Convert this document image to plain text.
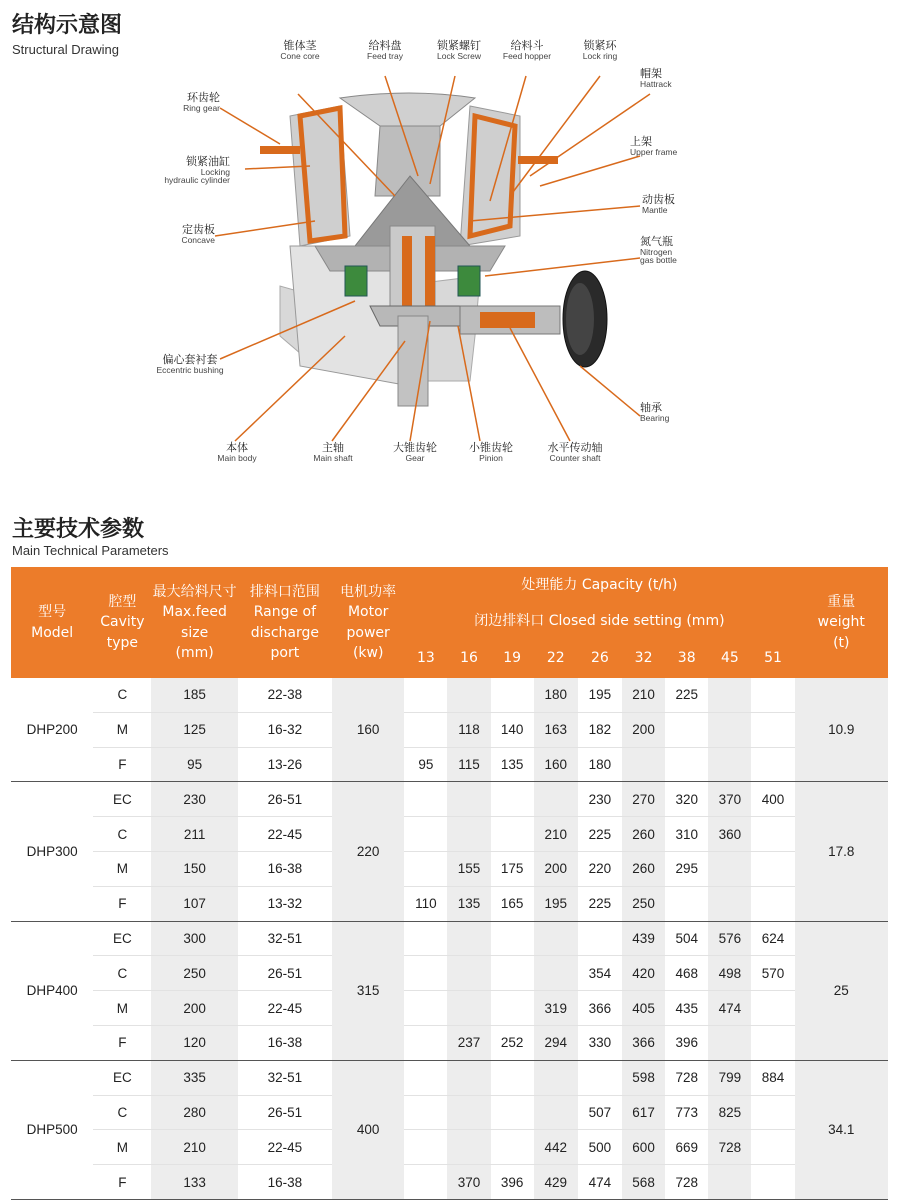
结构示意图
Structural Drawing	锥体茎
Cone core
给料盘
Feed tray
锁紧螺钉
Lock Screw
给料斗
Feed hopper
锁紧环
Lock ring
帽架
Hattrack
环齿轮
Ring gear
上架
Upper frame
锁紧油缸
Locking
hydraulic cylinder
动齿板
Mantle
定齿板
Concave	氮气瓶
Nitrogen
gas bottle
偏心套衬套
Eccentric bushing
轴承
Bearing
本体
Main body
主轴
Main shaft
大锥齿轮
Gear
小锥齿轮
Pinion
水平传动轴
Counter shaft
主要技术参数
Main Technical Parameters
型号
Model	腔型
Cavity
type	最大给料尺寸
Max.feed size
(mm)	排料口范围
Range of
discharge port	电机功率
Motor
power
(kw)	处理能力 Capacity (t/h)									重量
weight
(t)
					闭边排料口 Closed side setting (mm)									
					13	16	19	22	26	32	38	45	51	
DHP200	C	185	22-38	160				180	195	210	225			10.9
	M	125	16-32			118	140	163	182	200				
	F	95	13-26		95	115	135	160	180					
DHP300	EC	230	26-51	220					230	270	320	370	400	17.8
	C	211	22-45					210	225	260	310	360		
	M	150	16-38			155	175	200	220	260	295			
	F	107	13-32		110	135	165	195	225	250				
DHP400	EC	300	32-51	315						439	504	576	624	25
	C	250	26-51						354	420	468	498	570	
	M	200	22-45					319	366	405	435	474		
	F	120	16-38			237	252	294	330	366	396			
DHP500	EC	335	32-51	400						598	728	799	884	34.1
	C	280	26-51						507	617	773	825		
	M	210	22-45					442	500	600	669	728		
	F	133	16-38			370	396	429	474	568	728			
